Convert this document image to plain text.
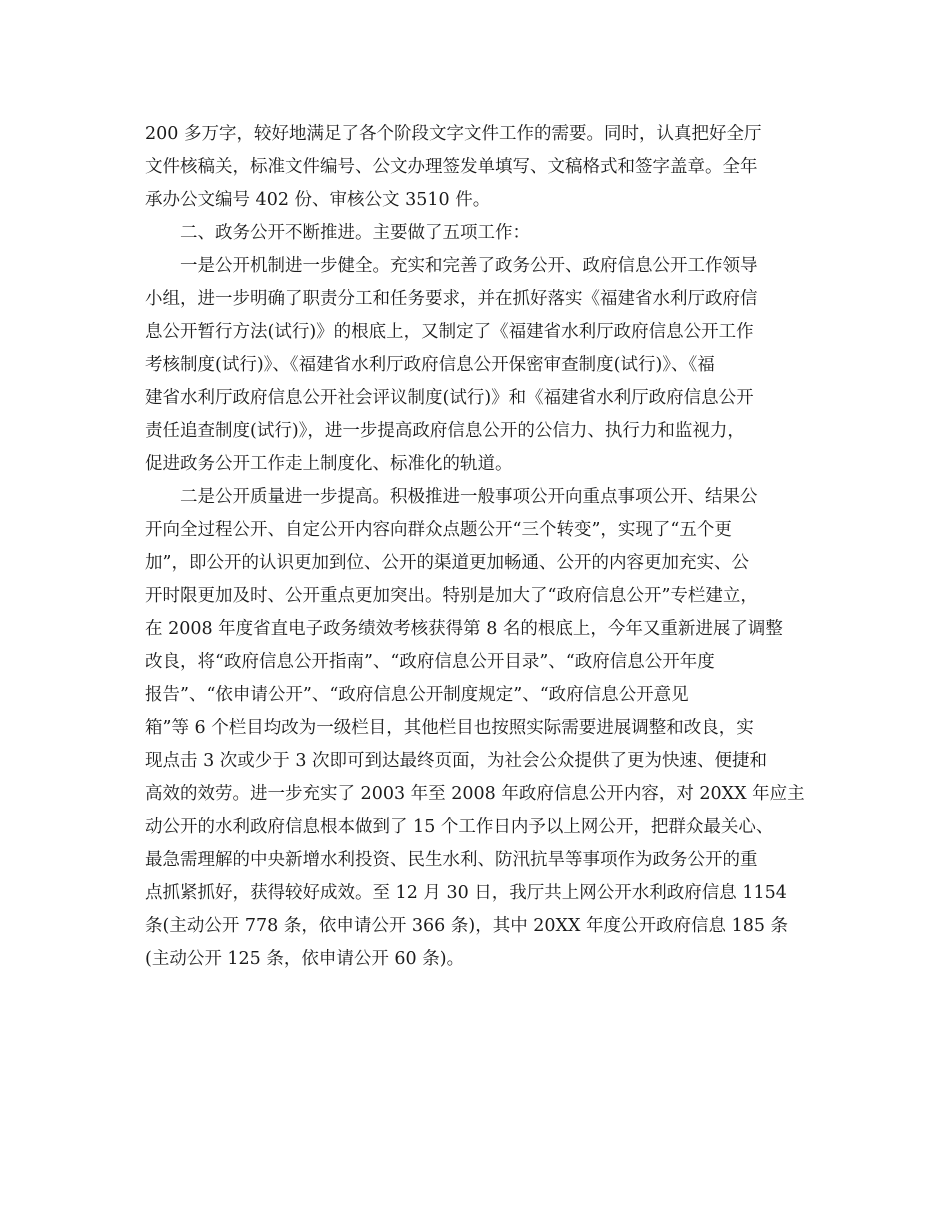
200 多万字，较好地满足了各个阶段文字文件工作的需要。同时，认真把好全厅
文件核稿关，标准文件编号、公文办理签发单填写、文稿格式和签字盖章。全年
承办公文编号 402 份、审核公文 3510 件。
二、政务公开不断推进。主要做了五项工作：
一是公开机制进一步健全。充实和完善了政务公开、政府信息公开工作领导
小组，进一步明确了职责分工和任务要求，并在抓好落实《福建省水利厅政府信
息公开暂行方法(试行)》的根底上，又制定了《福建省水利厅政府信息公开工作
考核制度(试行)》、《福建省水利厅政府信息公开保密审查制度(试行)》、《福
建省水利厅政府信息公开社会评议制度(试行)》和《福建省水利厅政府信息公开
责任追查制度(试行)》，进一步提高政府信息公开的公信力、执行力和监视力，
促进政务公开工作走上制度化、标准化的轨道。
二是公开质量进一步提高。积极推进一般事项公开向重点事项公开、结果公
开向全过程公开、自定公开内容向群众点题公开“三个转变”，实现了“五个更
加”，即公开的认识更加到位、公开的渠道更加畅通、公开的内容更加充实、公
开时限更加及时、公开重点更加突出。特别是加大了“政府信息公开”专栏建立，
在 2008 年度省直电子政务绩效考核获得第 8 名的根底上，今年又重新进展了调整
改良，将“政府信息公开指南”、“政府信息公开目录”、“政府信息公开年度
报告”、“依申请公开”、“政府信息公开制度规定”、“政府信息公开意见
箱”等 6 个栏目均改为一级栏目，其他栏目也按照实际需要进展调整和改良，实
现点击 3 次或少于 3 次即可到达最终页面，为社会公众提供了更为快速、便捷和
高效的效劳。进一步充实了 2003 年至 2008 年政府信息公开内容，对 20XX 年应主
动公开的水利政府信息根本做到了 15 个工作日内予以上网公开，把群众最关心、
最急需理解的中央新增水利投资、民生水利、防汛抗旱等事项作为政务公开的重
点抓紧抓好，获得较好成效。至 12 月 30 日，我厅共上网公开水利政府信息 1154
条(主动公开 778 条，依申请公开 366 条)，其中 20XX 年度公开政府信息 185 条
(主动公开 125 条，依申请公开 60 条)。
